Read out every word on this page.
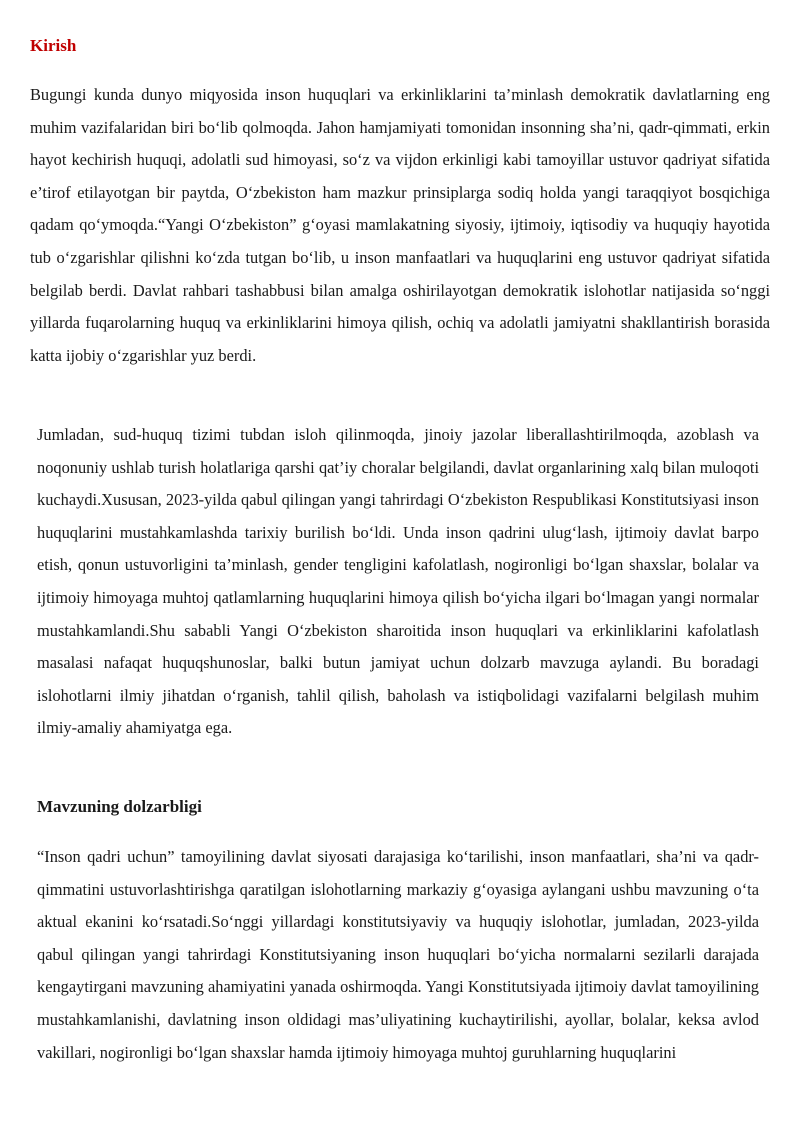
Kirish

Bugungi kunda dunyo miqyosida inson huquqlari va erkinliklarini ta’minlash demokratik davlatlarning eng muhim vazifalaridan biri bo‘lib qolmoqda. Jahon hamjamiyati tomonidan insonning sha’ni, qadr-qimmati, erkin hayot kechirish huquqi, adolatli sud himoyasi, so‘z va vijdon erkinligi kabi tamoyillar ustuvor qadriyat sifatida e’tirof etilayotgan bir paytda, O‘zbekiston ham mazkur prinsiplarga sodiq holda yangi taraqqiyot bosqichiga qadam qo‘ymoqda.“Yangi O‘zbekiston” g‘oyasi mamlakatning siyosiy, ijtimoiy, iqtisodiy va huquqiy hayotida tub o‘zgarishlar qilishni ko‘zda tutgan bo‘lib, u inson manfaatlari va huquqlarini eng ustuvor qadriyat sifatida belgilab berdi. Davlat rahbari tashabbusi bilan amalga oshirilayotgan demokratik islohotlar natijasida so‘nggi yillarda fuqarolarning huquq va erkinliklarini himoya qilish, ochiq va adolatli jamiyatni shakllantirish borasida katta ijobiy o‘zgarishlar yuz berdi.

Jumladan, sud-huquq tizimi tubdan isloh qilinmoqda, jinoiy jazolar liberallashtirilmoqda, azoblash va noqonuniy ushlab turish holatlariga qarshi qat’iy choralar belgilandi, davlat organlarining xalq bilan muloqoti kuchaydi.Xususan, 2023-yilda qabul qilingan yangi tahrirdagi O‘zbekiston Respublikasi Konstitutsiyasi inson huquqlarini mustahkamlashda tarixiy burilish bo‘ldi. Unda inson qadrini ulug‘lash, ijtimoiy davlat barpo etish, qonun ustuvorligini ta’minlash, gender tengligini kafolatlash, nogironligi bo‘lgan shaxslar, bolalar va ijtimoiy himoyaga muhtoj qatlamlarning huquqlarini himoya qilish bo‘yicha ilgari bo‘lmagan yangi normalar mustahkamlandi.Shu sababli Yangi O‘zbekiston sharoitida inson huquqlari va erkinliklarini kafolatlash masalasi nafaqat huquqshunoslar, balki butun jamiyat uchun dolzarb mavzuga aylandi. Bu boradagi islohotlarni ilmiy jihatdan o‘rganish, tahlil qilish, baholash va istiqbolidagi vazifalarni belgilash muhim ilmiy-amaliy ahamiyatga ega.

Mavzuning dolzarbligi

“Inson qadri uchun” tamoyilining davlat siyosati darajasiga ko‘tarilishi, inson manfaatlari, sha’ni va qadr-qimmatini ustuvorlashtirishga qaratilgan islohotlarning markaziy g‘oyasiga aylangani ushbu mavzuning o‘ta aktual ekanini ko‘rsatadi.So‘nggi yillardagi konstitutsiyaviy va huquqiy islohotlar, jumladan, 2023-yilda qabul qilingan yangi tahrirdagi Konstitutsiyaning inson huquqlari bo‘yicha normalarni sezilarli darajada kengaytirgani mavzuning ahamiyatini yanada oshirmoqda. Yangi Konstitutsiyada ijtimoiy davlat tamoyilining mustahkamlanishi, davlatning inson oldidagi mas’uliyatining kuchaytirilishi, ayollar, bolalar, keksa avlod vakillari, nogironligi bo‘lgan shaxslar hamda ijtimoiy himoyaga muhtoj guruhlarning huquqlarini
